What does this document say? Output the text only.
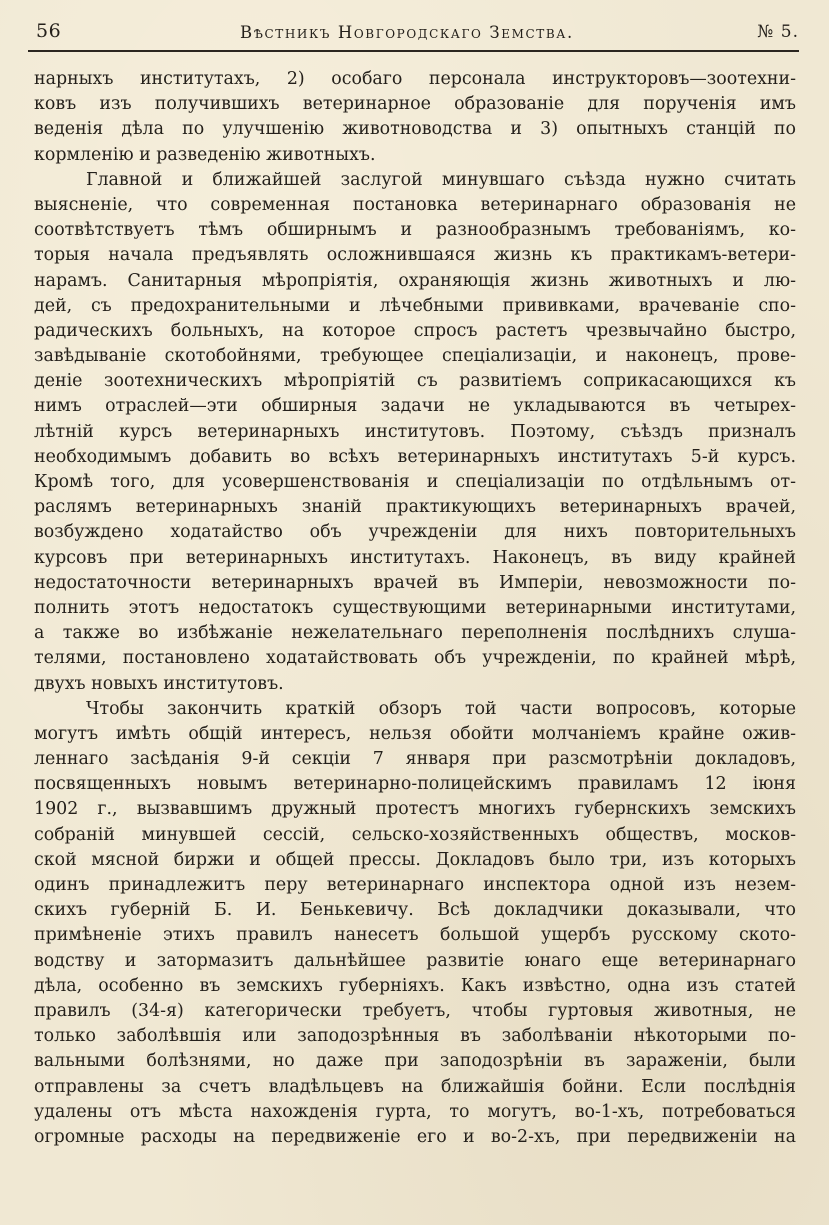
56	Вѣстникъ Новгородскаго Земства.	№ 5.
нарныхъ институтахъ, 2) особаго персонала инструкторовъ—зоотехни-
ковъ изъ получившихъ ветеринарное образованіе для порученія имъ
веденія дѣла по улучшенію животноводства и 3) опытныхъ станцій по
кормленію и разведенію животныхъ.
Главной и ближайшей заслугой минувшаго съѣзда нужно считать
выясненіе, что современная постановка ветеринарнаго образованія не
соотвѣтствуетъ тѣмъ обширнымъ и разнообразнымъ требованіямъ, ко-
торыя начала предъявлять осложнившаяся жизнь къ практикамъ-ветери-
нарамъ. Санитарныя мѣропріятія, охраняющія жизнь животныхъ и лю-
дей, съ предохранительными и лѣчебными прививками, врачеваніе спо-
радическихъ больныхъ, на которое спросъ растетъ чрезвычайно быстро,
завѣдываніе скотобойнями, требующее спеціализаціи, и наконецъ, прове-
деніе зоотехническихъ мѣропріятій съ развитіемъ соприкасающихся къ
нимъ отраслей—эти обширныя задачи не укладываются въ четырех-
лѣтній курсъ ветеринарныхъ институтовъ. Поэтому, съѣздъ призналъ
необходимымъ добавить во всѣхъ ветеринарныхъ институтахъ 5-й курсъ.
Кромѣ того, для усовершенствованія и спеціализаціи по отдѣльнымъ от-
раслямъ ветеринарныхъ знаній практикующихъ ветеринарныхъ врачей,
возбуждено ходатайство объ учрежденіи для нихъ повторительныхъ
курсовъ при ветеринарныхъ институтахъ. Наконецъ, въ виду крайней
недостаточности ветеринарныхъ врачей въ Имперіи, невозможности по-
полнить этотъ недостатокъ существующими ветеринарными институтами,
а также во избѣжаніе нежелательнаго переполненія послѣднихъ слуша-
телями, постановлено ходатайствовать объ учрежденіи, по крайней мѣрѣ,
двухъ новыхъ институтовъ.
Чтобы закончить краткій обзоръ той части вопросовъ, которые
могутъ имѣть общій интересъ, нельзя обойти молчаніемъ крайне ожив-
леннаго засѣданія 9-й секціи 7 января при разсмотрѣніи докладовъ,
посвященныхъ новымъ ветеринарно-полицейскимъ правиламъ 12 іюня
1902 г., вызвавшимъ дружный протестъ многихъ губернскихъ земскихъ
собраній минувшей сессій, сельско-хозяйственныхъ обществъ, москов-
ской мясной биржи и общей прессы. Докладовъ было три, изъ которыхъ
одинъ принадлежитъ перу ветеринарнаго инспектора одной изъ незем-
скихъ губерній Б. И. Бенькевичу. Всѣ докладчики доказывали, что
примѣненіе этихъ правилъ нанесетъ большой ущербъ русскому ското-
водству и затормазитъ дальнѣйшее развитіе юнаго еще ветеринарнаго
дѣла, особенно въ земскихъ губерніяхъ. Какъ извѣстно, одна изъ статей
правилъ (34-я) категорически требуетъ, чтобы гуртовыя животныя, не
только заболѣвшія или заподозрѣнныя въ заболѣваніи нѣкоторыми по-
вальными болѣзнями, но даже при заподозрѣніи въ зараженіи, были
отправлены за счетъ владѣльцевъ на ближайшія бойни. Если послѣднія
удалены отъ мѣста нахожденія гурта, то могутъ, во-1-хъ, потребоваться
огромные расходы на передвиженіе его и во-2-хъ, при передвиженіи на
